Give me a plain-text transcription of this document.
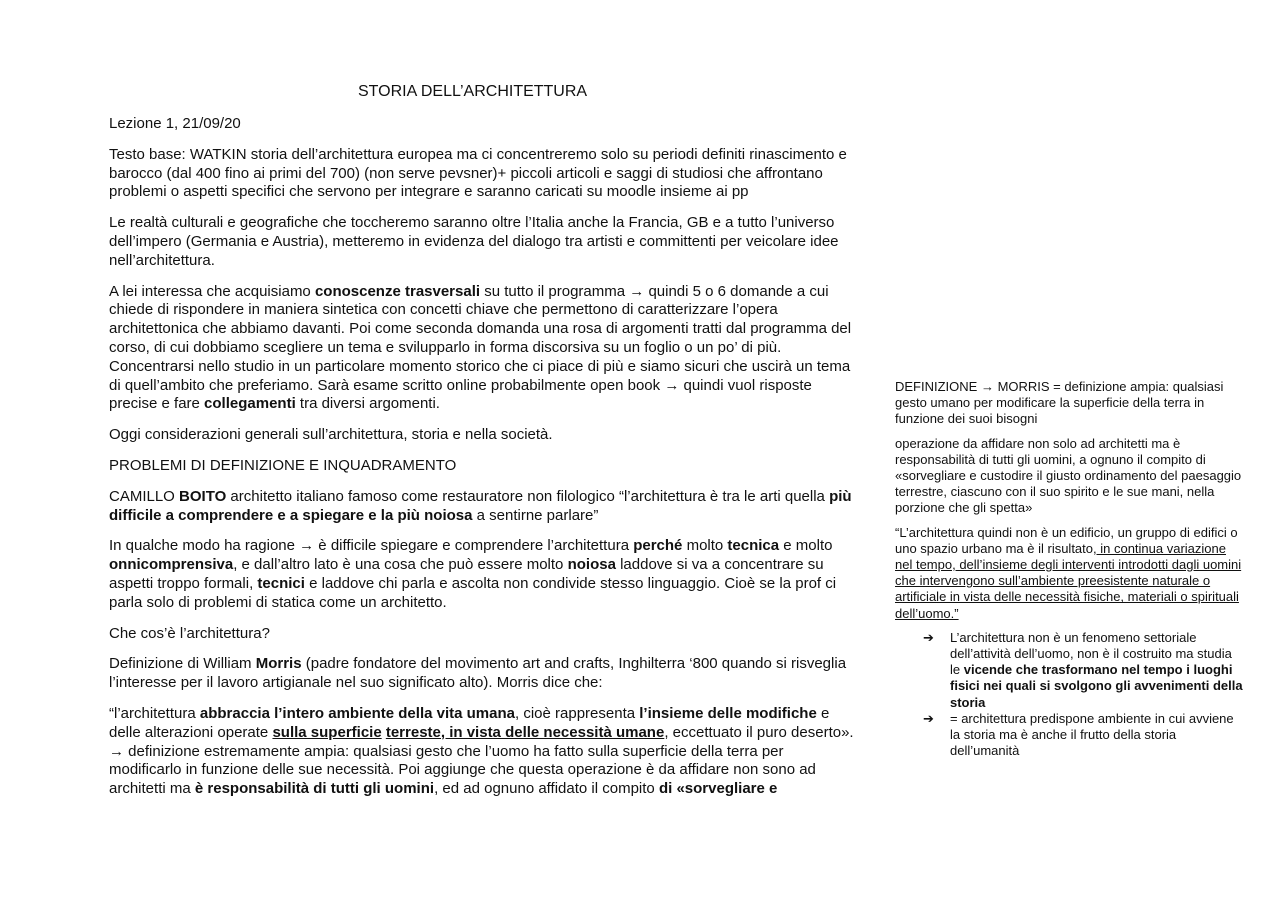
STORIA DELL’ARCHITETTURA

Lezione 1, 21/09/20

Testo base: WATKIN storia dell’architettura europea ma ci concentreremo solo su periodi definiti rinascimento e barocco (dal 400 fino ai primi del 700) (non serve pevsner)+ piccoli articoli e saggi di studiosi che affrontano problemi o aspetti specifici che servono per integrare e saranno caricati su moodle insieme ai pp

Le realtà culturali e geografiche che toccheremo saranno oltre l’Italia anche la Francia, GB e a tutto l’universo dell’impero (Germania e Austria), metteremo in evidenza del dialogo tra artisti e committenti per veicolare idee nell’architettura.

A lei interessa che acquisiamo conoscenze trasversali su tutto il programma → quindi 5 o 6 domande a cui chiede di rispondere in maniera sintetica con concetti chiave che permettono di caratterizzare l’opera architettonica che abbiamo davanti. Poi come seconda domanda una rosa di argomenti tratti dal programma del corso, di cui dobbiamo scegliere un tema e svilupparlo in forma discorsiva su un foglio o un po’ di più. Concentrarsi nello studio in un particolare momento storico che ci piace di più e siamo sicuri che uscirà un tema di quell’ambito che preferiamo. Sarà esame scritto online probabilmente open book → quindi vuol risposte precise e fare collegamenti tra diversi argomenti.

Oggi considerazioni generali sull’architettura, storia e nella società.

PROBLEMI DI DEFINIZIONE E INQUADRAMENTO

CAMILLO BOITO architetto italiano famoso come restauratore non filologico “l’architettura è tra le arti quella più difficile a comprendere e a spiegare e la più noiosa a sentirne parlare”

In qualche modo ha ragione → è difficile spiegare e comprendere l’architettura perché molto tecnica e molto onnicomprensiva, e dall’altro lato è una cosa che può essere molto noiosa laddove si va a concentrare su aspetti troppo formali, tecnici e laddove chi parla e ascolta non condivide stesso linguaggio. Cioè se la prof ci parla solo di problemi di statica come un architetto.

Che cos’è l’architettura?

Definizione di William Morris (padre fondatore del movimento art and crafts, Inghilterra ‘800 quando si risveglia l’interesse per il lavoro artigianale nel suo significato alto). Morris dice che:

“l’architettura abbraccia l’intero ambiente della vita umana, cioè rappresenta l’insieme delle modifiche e delle alterazioni operate sulla superficie terreste, in vista delle necessità umane, eccettuato il puro deserto». → definizione estremamente ampia: qualsiasi gesto che l’uomo ha fatto sulla superficie della terra per modificarlo in funzione delle sue necessità. Poi aggiunge che questa operazione è da affidare non sono ad architetti ma è responsabilità di tutti gli uomini, ed ad ognuno affidato il compito di «sorvegliare e

DEFINIZIONE → MORRIS = definizione ampia: qualsiasi gesto umano per modificare la superficie della terra in funzione dei suoi bisogni

operazione da affidare non solo ad architetti ma è responsabilità di tutti gli uomini, a ognuno il compito di «sorvegliare e custodire il giusto ordinamento del paesaggio terrestre, ciascuno con il suo spirito e le sue mani, nella porzione che gli spetta»

“L’architettura quindi non è un edificio, un gruppo di edifici o uno spazio urbano ma è il risultato, in continua variazione nel tempo, dell’insieme degli interventi introdotti dagli uomini che intervengono sull’ambiente preesistente naturale o artificiale in vista delle necessità fisiche, materiali o spirituali dell’uomo.”

➔ L’architettura non è un fenomeno settoriale dell’attività dell’uomo, non è il costruito ma studia le vicende che trasformano nel tempo i luoghi fisici nei quali si svolgono gli avvenimenti della storia
➔ = architettura predispone ambiente in cui avviene la storia ma è anche il frutto della storia dell’umanità
